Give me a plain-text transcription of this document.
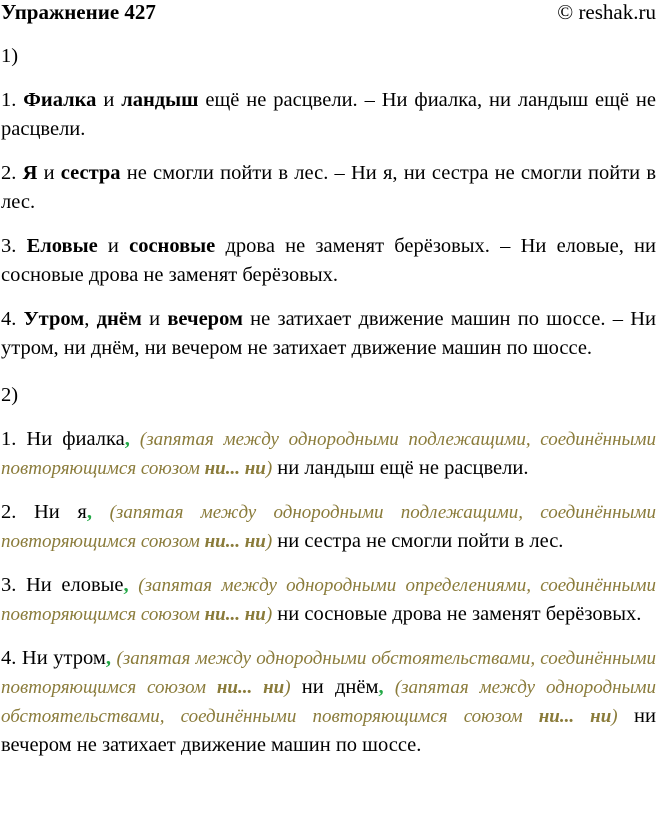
Упражнение 427	© reshak.ru

1)

1. Фиалка и ландыш ещё не расцвели. – Ни фиалка, ни ландыш ещё не расцвели.

2. Я и сестра не смогли пойти в лес. – Ни я, ни сестра не смогли пойти в лес.

3. Еловые и сосновые дрова не заменят берёзовых. – Ни еловые, ни сосновые дрова не заменят берёзовых.

4. Утром, днём и вечером не затихает движение машин по шоссе. – Ни утром, ни днём, ни вечером не затихает движение машин по шоссе.

2)

1. Ни фиалка, (запятая между однородными подлежащими, соединёнными повторяющимся союзом ни... ни) ни ландыш ещё не расцвели.

2. Ни я, (запятая между однородными подлежащими, соединёнными повторяющимся союзом ни... ни) ни сестра не смогли пойти в лес.

3. Ни еловые, (запятая между однородными определениями, соединёнными повторяющимся союзом ни... ни) ни сосновые дрова не заменят берёзовых.

4. Ни утром, (запятая между однородными обстоятельствами, соединёнными повторяющимся союзом ни... ни) ни днём, (запятая между однородными обстоятельствами, соединёнными повторяющимся союзом ни... ни) ни вечером не затихает движение машин по шоссе.
